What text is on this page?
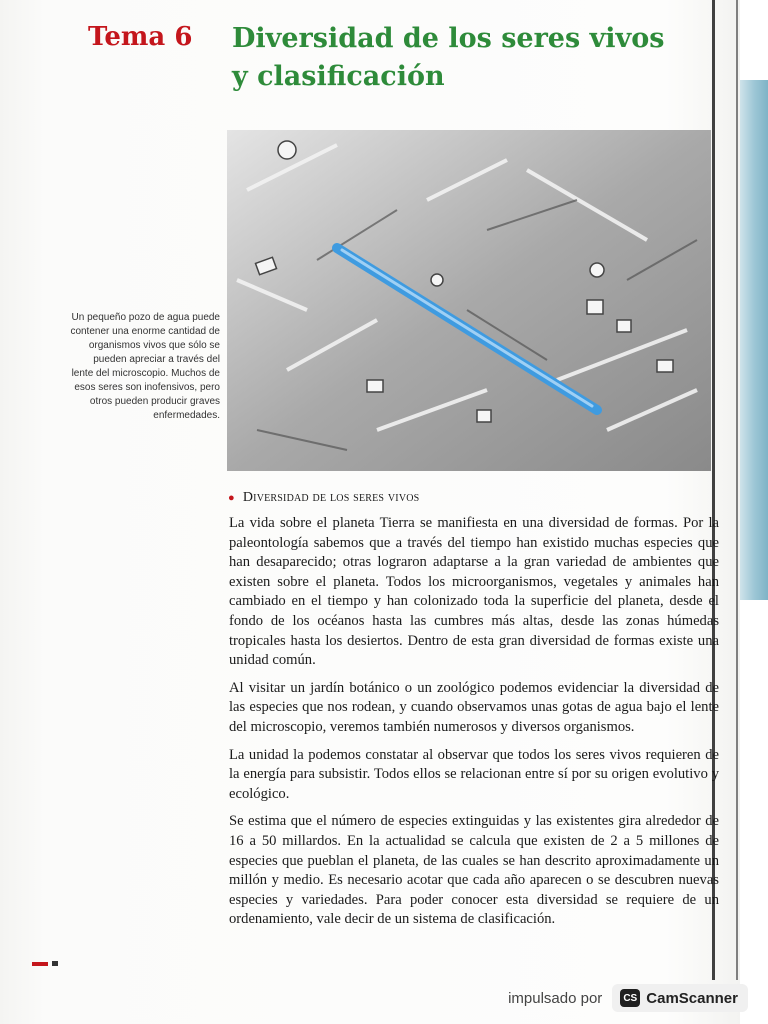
Tema 6 Diversidad de los seres vivos
y clasificación
Un pequeño pozo de agua puede contener una enorme cantidad de organismos vivos que sólo se pueden apreciar a través del lente del microscopio. Muchos de esos seres son inofensivos, pero otros pueden producir graves enfermedades.
● Diversidad de los seres vivos

La vida sobre el planeta Tierra se manifiesta en una diversidad de formas. Por la paleontología sabemos que a través del tiempo han existido muchas especies que han desaparecido; otras lograron adaptarse a la gran variedad de ambientes que existen sobre el planeta. Todos los microorganismos, vegetales y animales han cambiado en el tiempo y han colonizado toda la superficie del planeta, desde el fondo de los océanos hasta las cumbres más altas, desde las zonas húmedas tropicales hasta los desiertos. Dentro de esta gran diversidad de formas existe una unidad común.

Al visitar un jardín botánico o un zoológico podemos evidenciar la diversidad de las especies que nos rodean, y cuando observamos unas gotas de agua bajo el lente del microscopio, veremos también numerosos y diversos organismos.

La unidad la podemos constatar al observar que todos los seres vivos requieren de la energía para subsistir. Todos ellos se relacionan entre sí por su origen evolutivo y ecológico.

Se estima que el número de especies extinguidas y las existentes gira alrededor de 16 a 50 millardos. En la actualidad se calcula que existen de 2 a 5 millones de especies que pueblan el planeta, de las cuales se han descrito aproximadamente un millón y medio. Es necesario acotar que cada año aparecen o se descubren nuevas especies y variedades. Para poder conocer esta diversidad se requiere de un ordenamiento, vale decir de un sistema de clasificación.

impulsado por	CS CamScanner
